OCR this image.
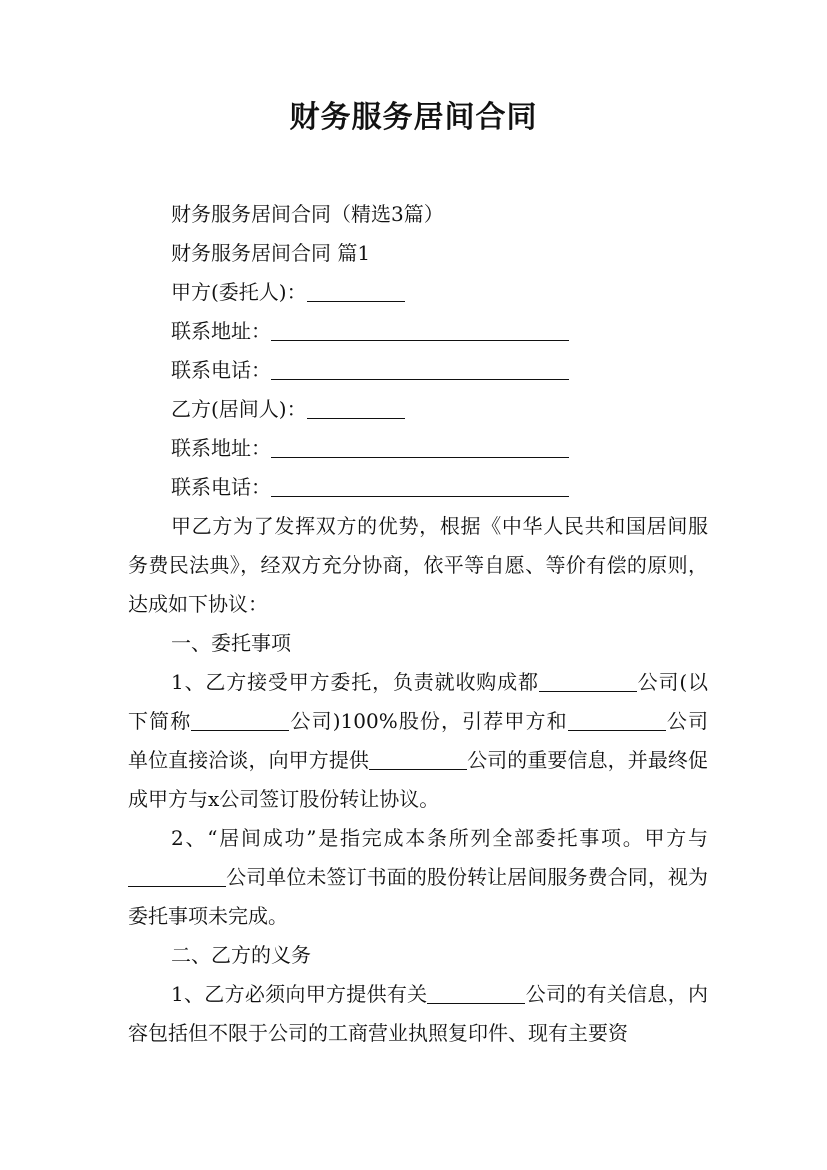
财务服务居间合同

财务服务居间合同（精选3篇）

财务服务居间合同 篇1

甲方(委托人)：

联系地址：

联系电话：

乙方(居间人)：

联系地址：

联系电话：

甲乙方为了发挥双方的优势，根据《中华人民共和国居间服务费民法典》，经双方充分协商，依平等自愿、等价有偿的原则，达成如下协议：

一、委托事项

1、乙方接受甲方委托，负责就收购成都	公司(以下简称	公司)100%股份，引荐甲方和	公司单位直接洽谈，向甲方提供	公司的重要信息，并最终促成甲方与x公司签订股份转让协议。

2、“居间成功”是指完成本条所列全部委托事项。甲方与公司单位未签订书面的股份转让居间服务费合同，视为委托事项未完成。

二、乙方的义务

1、乙方必须向甲方提供有关	公司的有关信息，内容包括但不限于公司的工商营业执照复印件、现有主要资
